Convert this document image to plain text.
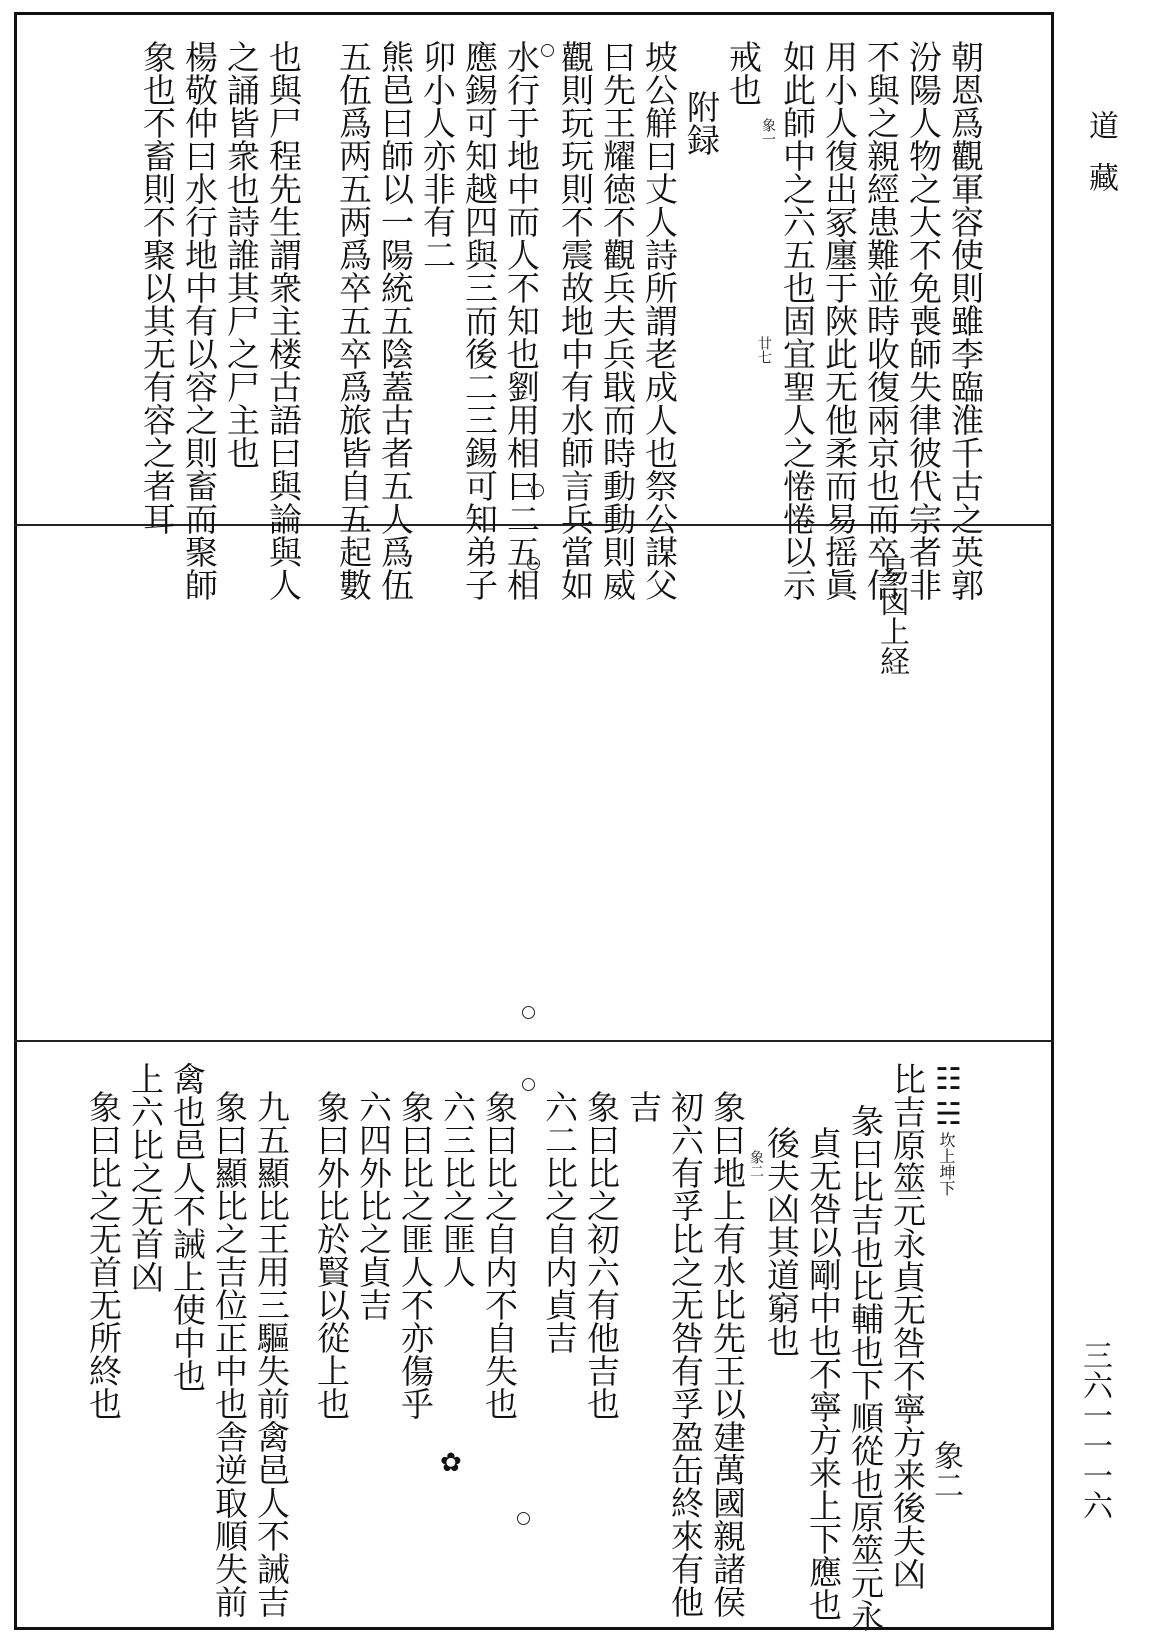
道藏
三六一一一六
朝恩爲觀軍容使則雖李臨淮千古之英郭
汾陽人物之大不免喪師失律彼代宗者非
不與之親經患難並時收復兩京也而卒信
用小人復出冢廛于陜此无他柔而易摇眞
如此師中之六五也固宜聖人之惓惓以示
戒也
附録
坡公觧曰丈人詩所謂老成人也祭公謀父
曰先王耀徳不觀兵夫兵戢而時動動則威
觀則玩玩則不震故地中有水師言兵當如
水行于地中而人不知也劉用相曰二五相
應錫可知越四與三而後二三錫可知弟子
卯小人亦非有二
熊邑曰師以一陽統五陰蓋古者五人爲伍
五伍爲两五两爲卒五卒爲旅皆自五起數
也與尸程先生謂衆主楼古語曰與論與人
之誦皆衆也詩誰其尸之尸主也
楊敬仲曰水行地中有以容之則畜而聚師
象也不畜則不聚以其无有容之者耳	象一
廿七
易図上経
象二
☷☵
坎上坤下
比吉原筮元永貞无咎不寧方来後夫凶
彖曰比吉也比輔也下順從也原筮元永
貞无咎以剛中也不寧方来上下應也
後夫凶其道窮也
象曰地上有水比先王以建萬國親諸侯
初六有孚比之无咎有孚盈缶終來有他
吉
象曰比之初六有他吉也
六二比之自内貞吉
象曰比之自内不自失也
六三比之匪人
象曰比之匪人不亦傷乎
六四外比之貞吉
象曰外比於賢以從上也
九五顯比王用三驅失前禽邑人不誡吉
象曰顯比之吉位正中也舎逆取順失前
禽也邑人不誡上使中也
上六比之无首凶
象曰比之无首无所終也	象二
✿
